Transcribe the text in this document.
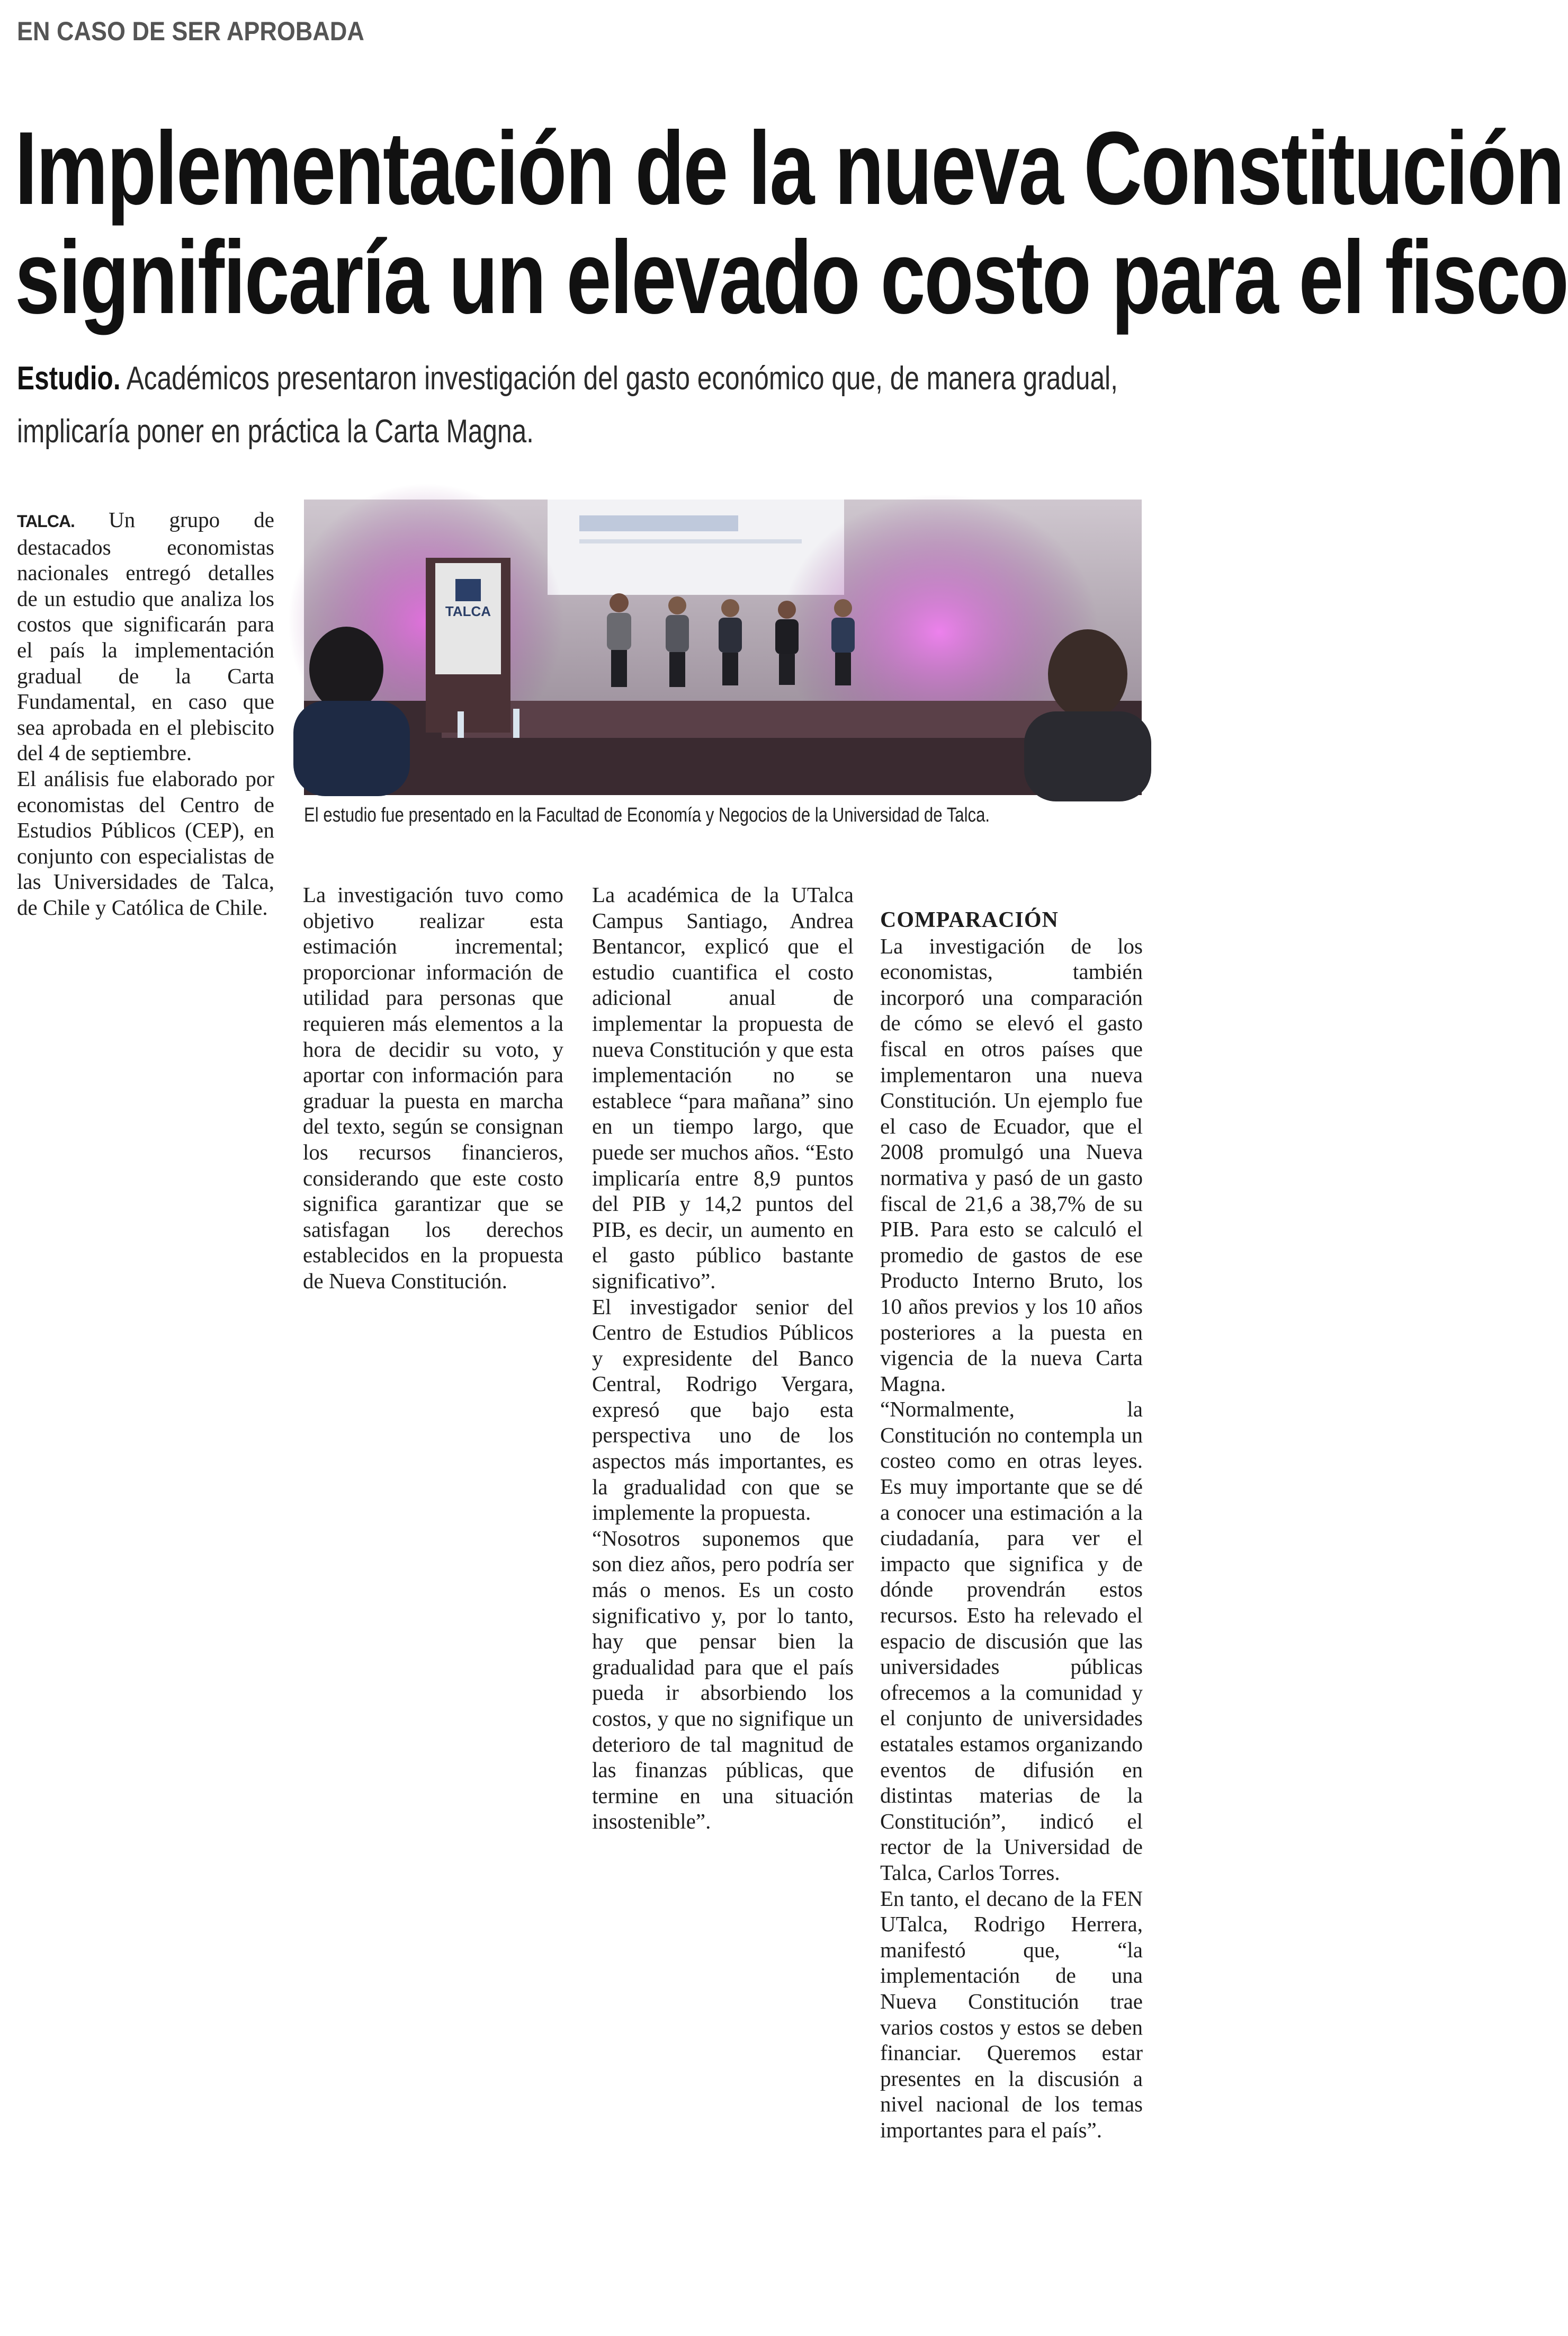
EN CASO DE SER APROBADA
Implementación de la nueva Constitución
significaría un elevado costo para el fisco
Estudio. Académicos presentaron investigación del gasto económico que, de manera gradual, implicaría poner en práctica la Carta Magna.

TALCA. Un grupo de destacados economistas nacionales entregó detalles de un estudio que analiza los costos que significarán para el país la implementación gradual de la Carta Fundamental, en caso que sea aprobada en el plebiscito del 4 de septiembre.

El análisis fue elaborado por economistas del Centro de Estudios Públicos (CEP), en conjunto con especialistas de las Universidades de Talca, de Chile y Católica de Chile.

TALCA
El estudio fue presentado en la Facultad de Economía y Negocios de la Universidad de Talca.

La investigación tuvo como objetivo realizar esta estimación incremental; proporcionar información de utilidad para personas que requieren más elementos a la hora de decidir su voto, y aportar con información para graduar la puesta en marcha del texto, según se consignan los recursos financieros, considerando que este costo significa garantizar que se satisfagan los derechos establecidos en la propuesta de Nueva Constitución.

La académica de la UTalca Campus Santiago, Andrea Bentancor, explicó que el estudio cuantifica el costo adicional anual de implementar la propuesta de nueva Constitución y que esta implementación no se establece “para mañana” sino en un tiempo largo, que puede ser muchos años. “Esto implicaría entre 8,9 puntos del PIB y 14,2 puntos del PIB, es decir, un aumento en el gasto público bastante significativo”.

El investigador senior del Centro de Estudios Públicos y expresidente del Banco Central, Rodrigo Vergara, expresó que bajo esta perspectiva uno de los aspectos más importantes, es la gradualidad con que se implemente la propuesta.

“Nosotros suponemos que son diez años, pero podría ser más o menos. Es un costo significativo y, por lo tanto, hay que pensar bien la gradualidad para que el país pueda ir absorbiendo los costos, y que no signifique un deterioro de tal magnitud de las finanzas públicas, que termine en una situación insostenible”.

COMPARACIÓN

La investigación de los economistas, también incorporó una comparación de cómo se elevó el gasto fiscal en otros países que implementaron una nueva Constitución. Un ejemplo fue el caso de Ecuador, que el 2008 promulgó una Nueva normativa y pasó de un gasto fiscal de 21,6 a 38,7% de su PIB. Para esto se calculó el promedio de gastos de ese Producto Interno Bruto, los 10 años previos y los 10 años posteriores a la puesta en vigencia de la nueva Carta Magna.

“Normalmente, la Constitución no contempla un costeo como en otras leyes. Es muy importante que se dé a conocer una estimación a la ciudadanía, para ver el impacto que significa y de dónde provendrán estos recursos. Esto ha relevado el espacio de discusión que las universidades públicas ofrecemos a la comunidad y el conjunto de universidades estatales estamos organizando eventos de difusión en distintas materias de la Constitución”, indicó el rector de la Universidad de Talca, Carlos Torres.

En tanto, el decano de la FEN UTalca, Rodrigo Herrera, manifestó que, “la implementación de una Nueva Constitución trae varios costos y estos se deben financiar. Queremos estar presentes en la discusión a nivel nacional de los temas importantes para el país”.
